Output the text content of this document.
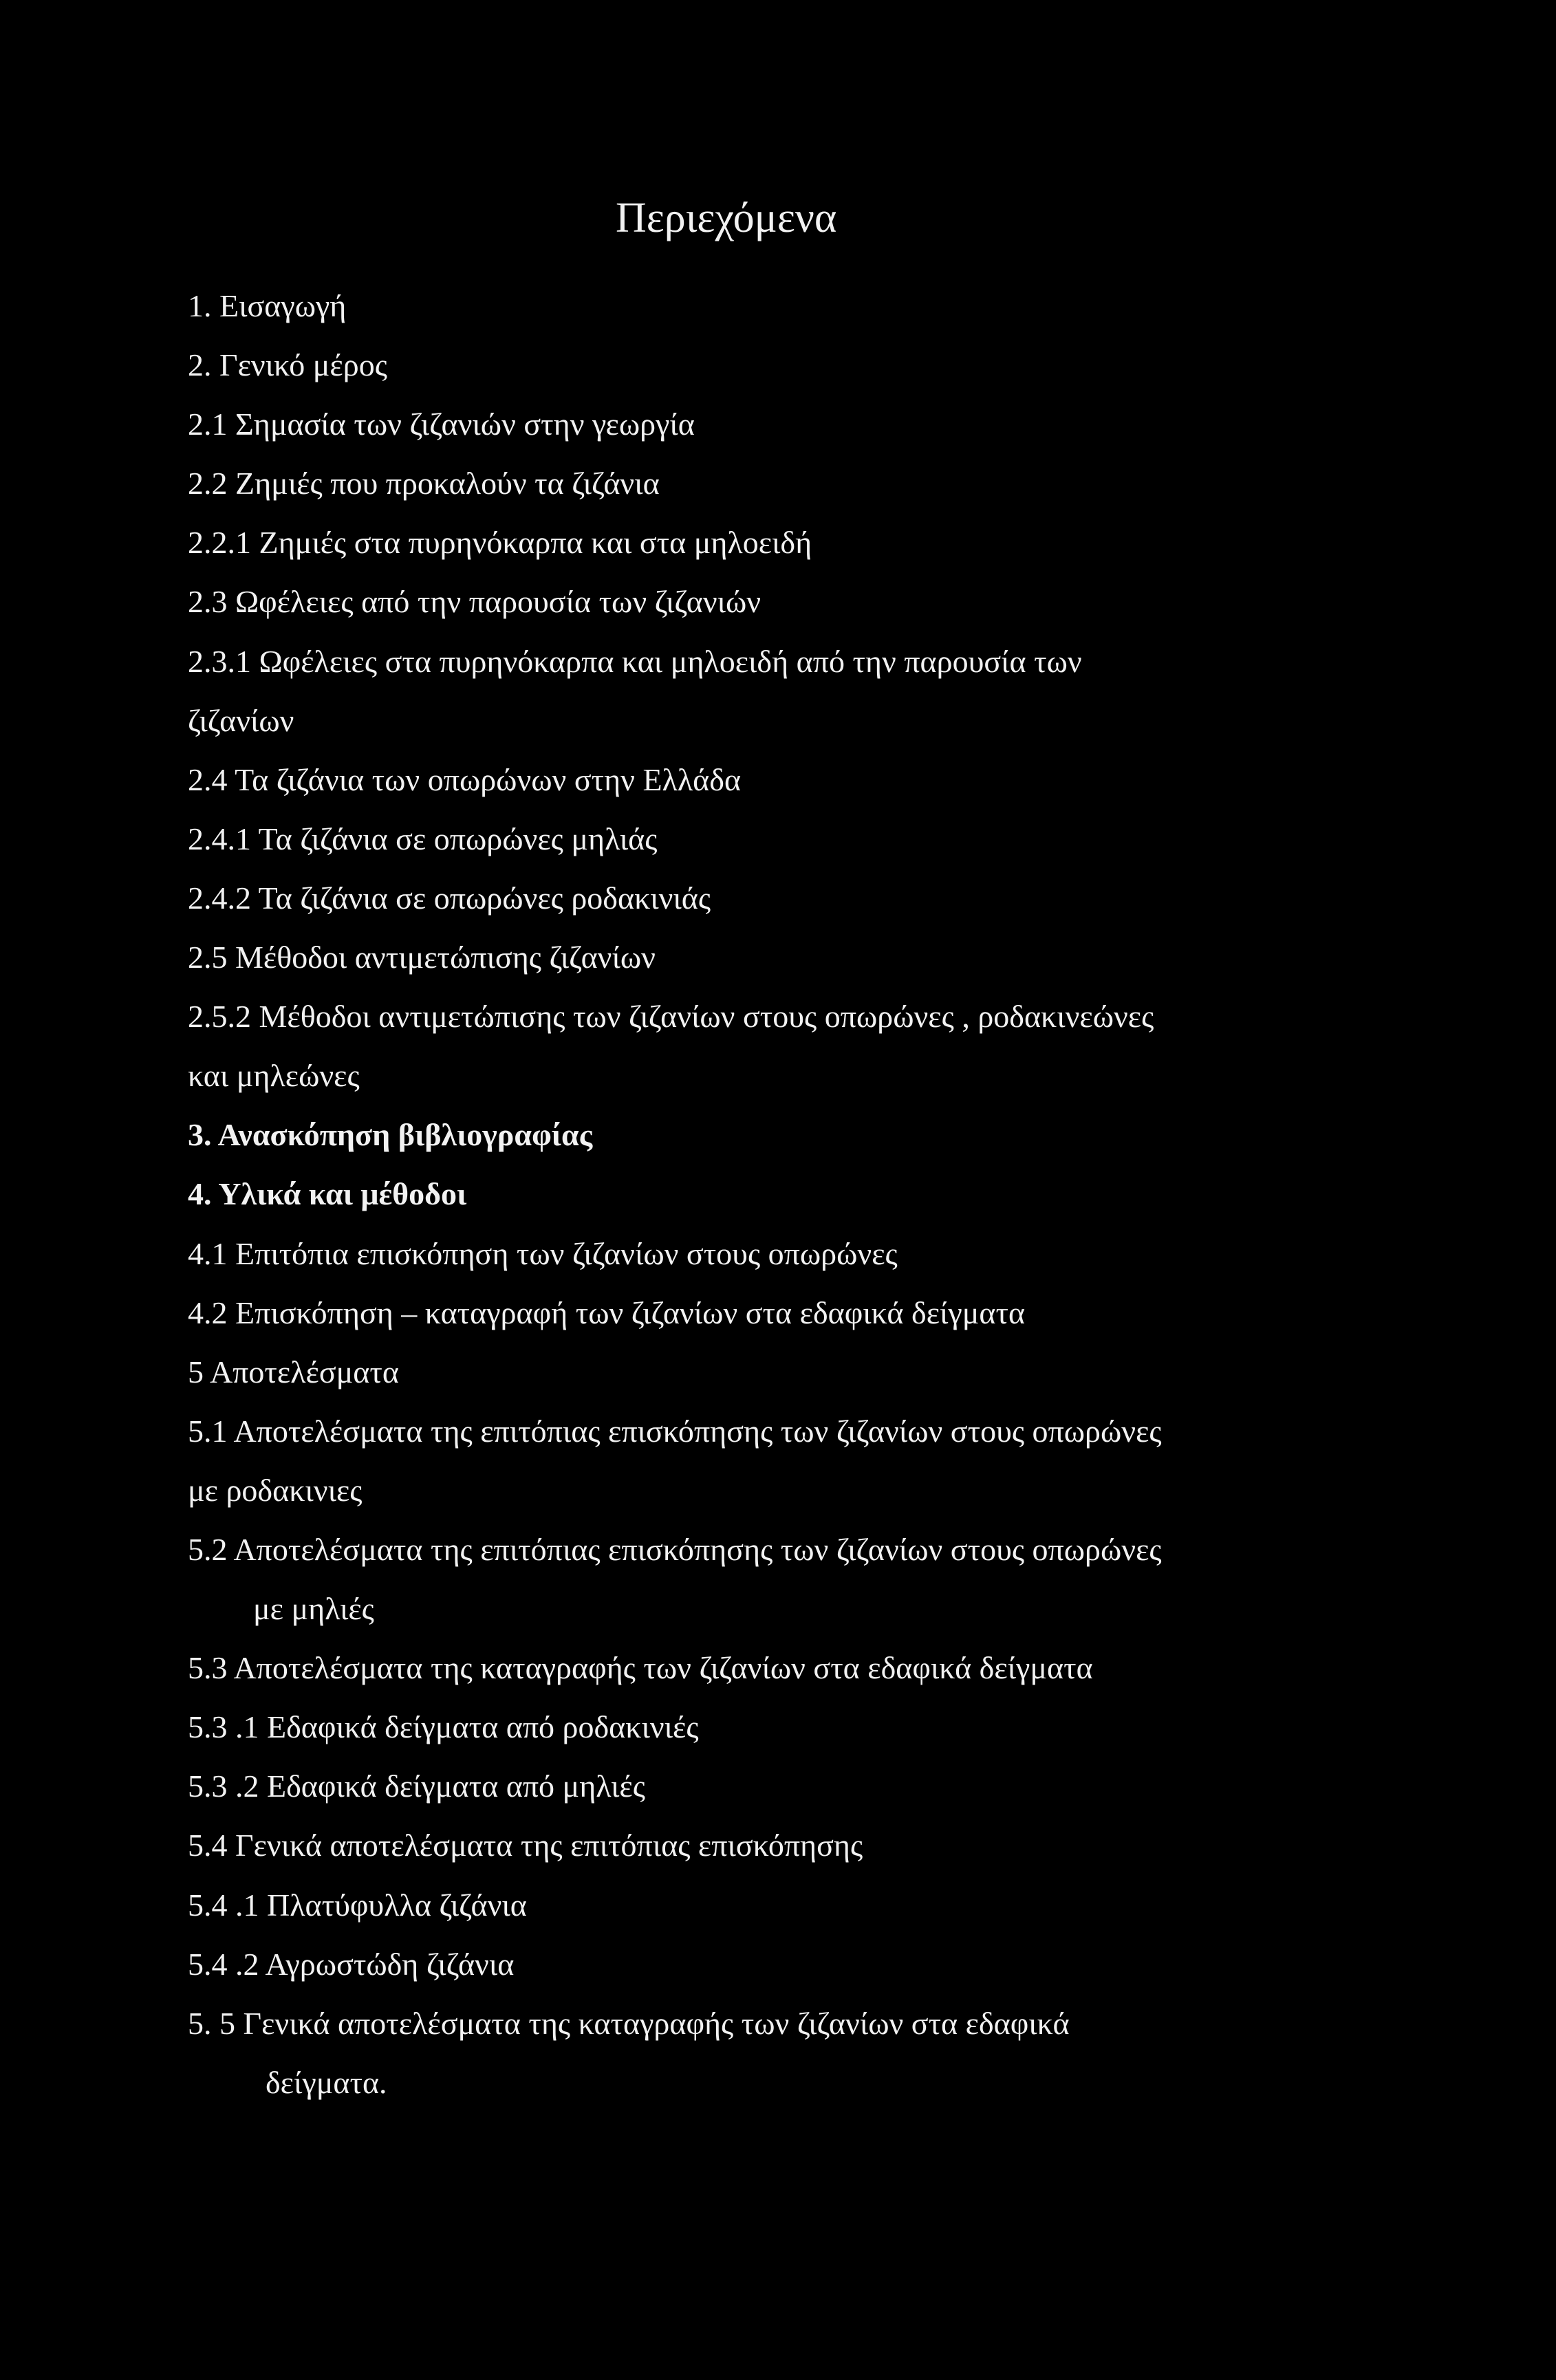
Περιεχόμενα
1. Εισαγωγή
2. Γενικό μέρος
2.1 Σημασία των ζιζανιών στην γεωργία
2.2 Ζημιές που προκαλούν τα ζιζάνια
2.2.1 Ζημιές στα πυρηνόκαρπα και στα μηλοειδή
2.3 Ωφέλειες από την παρουσία των ζιζανιών
2.3.1 Ωφέλειες στα πυρηνόκαρπα και μηλοειδή από την παρουσία των
ζιζανίων
2.4 Τα ζιζάνια των οπωρώνων στην Ελλάδα
2.4.1 Τα ζιζάνια σε οπωρώνες μηλιάς
2.4.2 Τα ζιζάνια σε οπωρώνες ροδακινιάς
2.5 Μέθοδοι αντιμετώπισης ζιζανίων
2.5.2 Μέθοδοι αντιμετώπισης των ζιζανίων στους οπωρώνες , ροδακινεώνες
και μηλεώνες
3. Ανασκόπηση βιβλιογραφίας
4. Υλικά και μέθοδοι
4.1 Επιτόπια επισκόπηση των ζιζανίων στους οπωρώνες
4.2 Επισκόπηση – καταγραφή των ζιζανίων στα εδαφικά δείγματα
5 Αποτελέσματα
5.1 Αποτελέσματα της επιτόπιας επισκόπησης των ζιζανίων στους οπωρώνες
με ροδακινιες
5.2 Αποτελέσματα της επιτόπιας επισκόπησης των ζιζανίων στους οπωρώνες
με μηλιές
5.3 Αποτελέσματα της καταγραφής των ζιζανίων στα εδαφικά δείγματα
5.3 .1 Εδαφικά δείγματα από ροδακινιές
5.3 .2 Εδαφικά δείγματα από μηλιές
5.4 Γενικά αποτελέσματα της επιτόπιας επισκόπησης
5.4 .1 Πλατύφυλλα ζιζάνια
5.4 .2 Αγρωστώδη ζιζάνια
5. 5 Γενικά αποτελέσματα της καταγραφής των ζιζανίων στα εδαφικά
δείγματα.
